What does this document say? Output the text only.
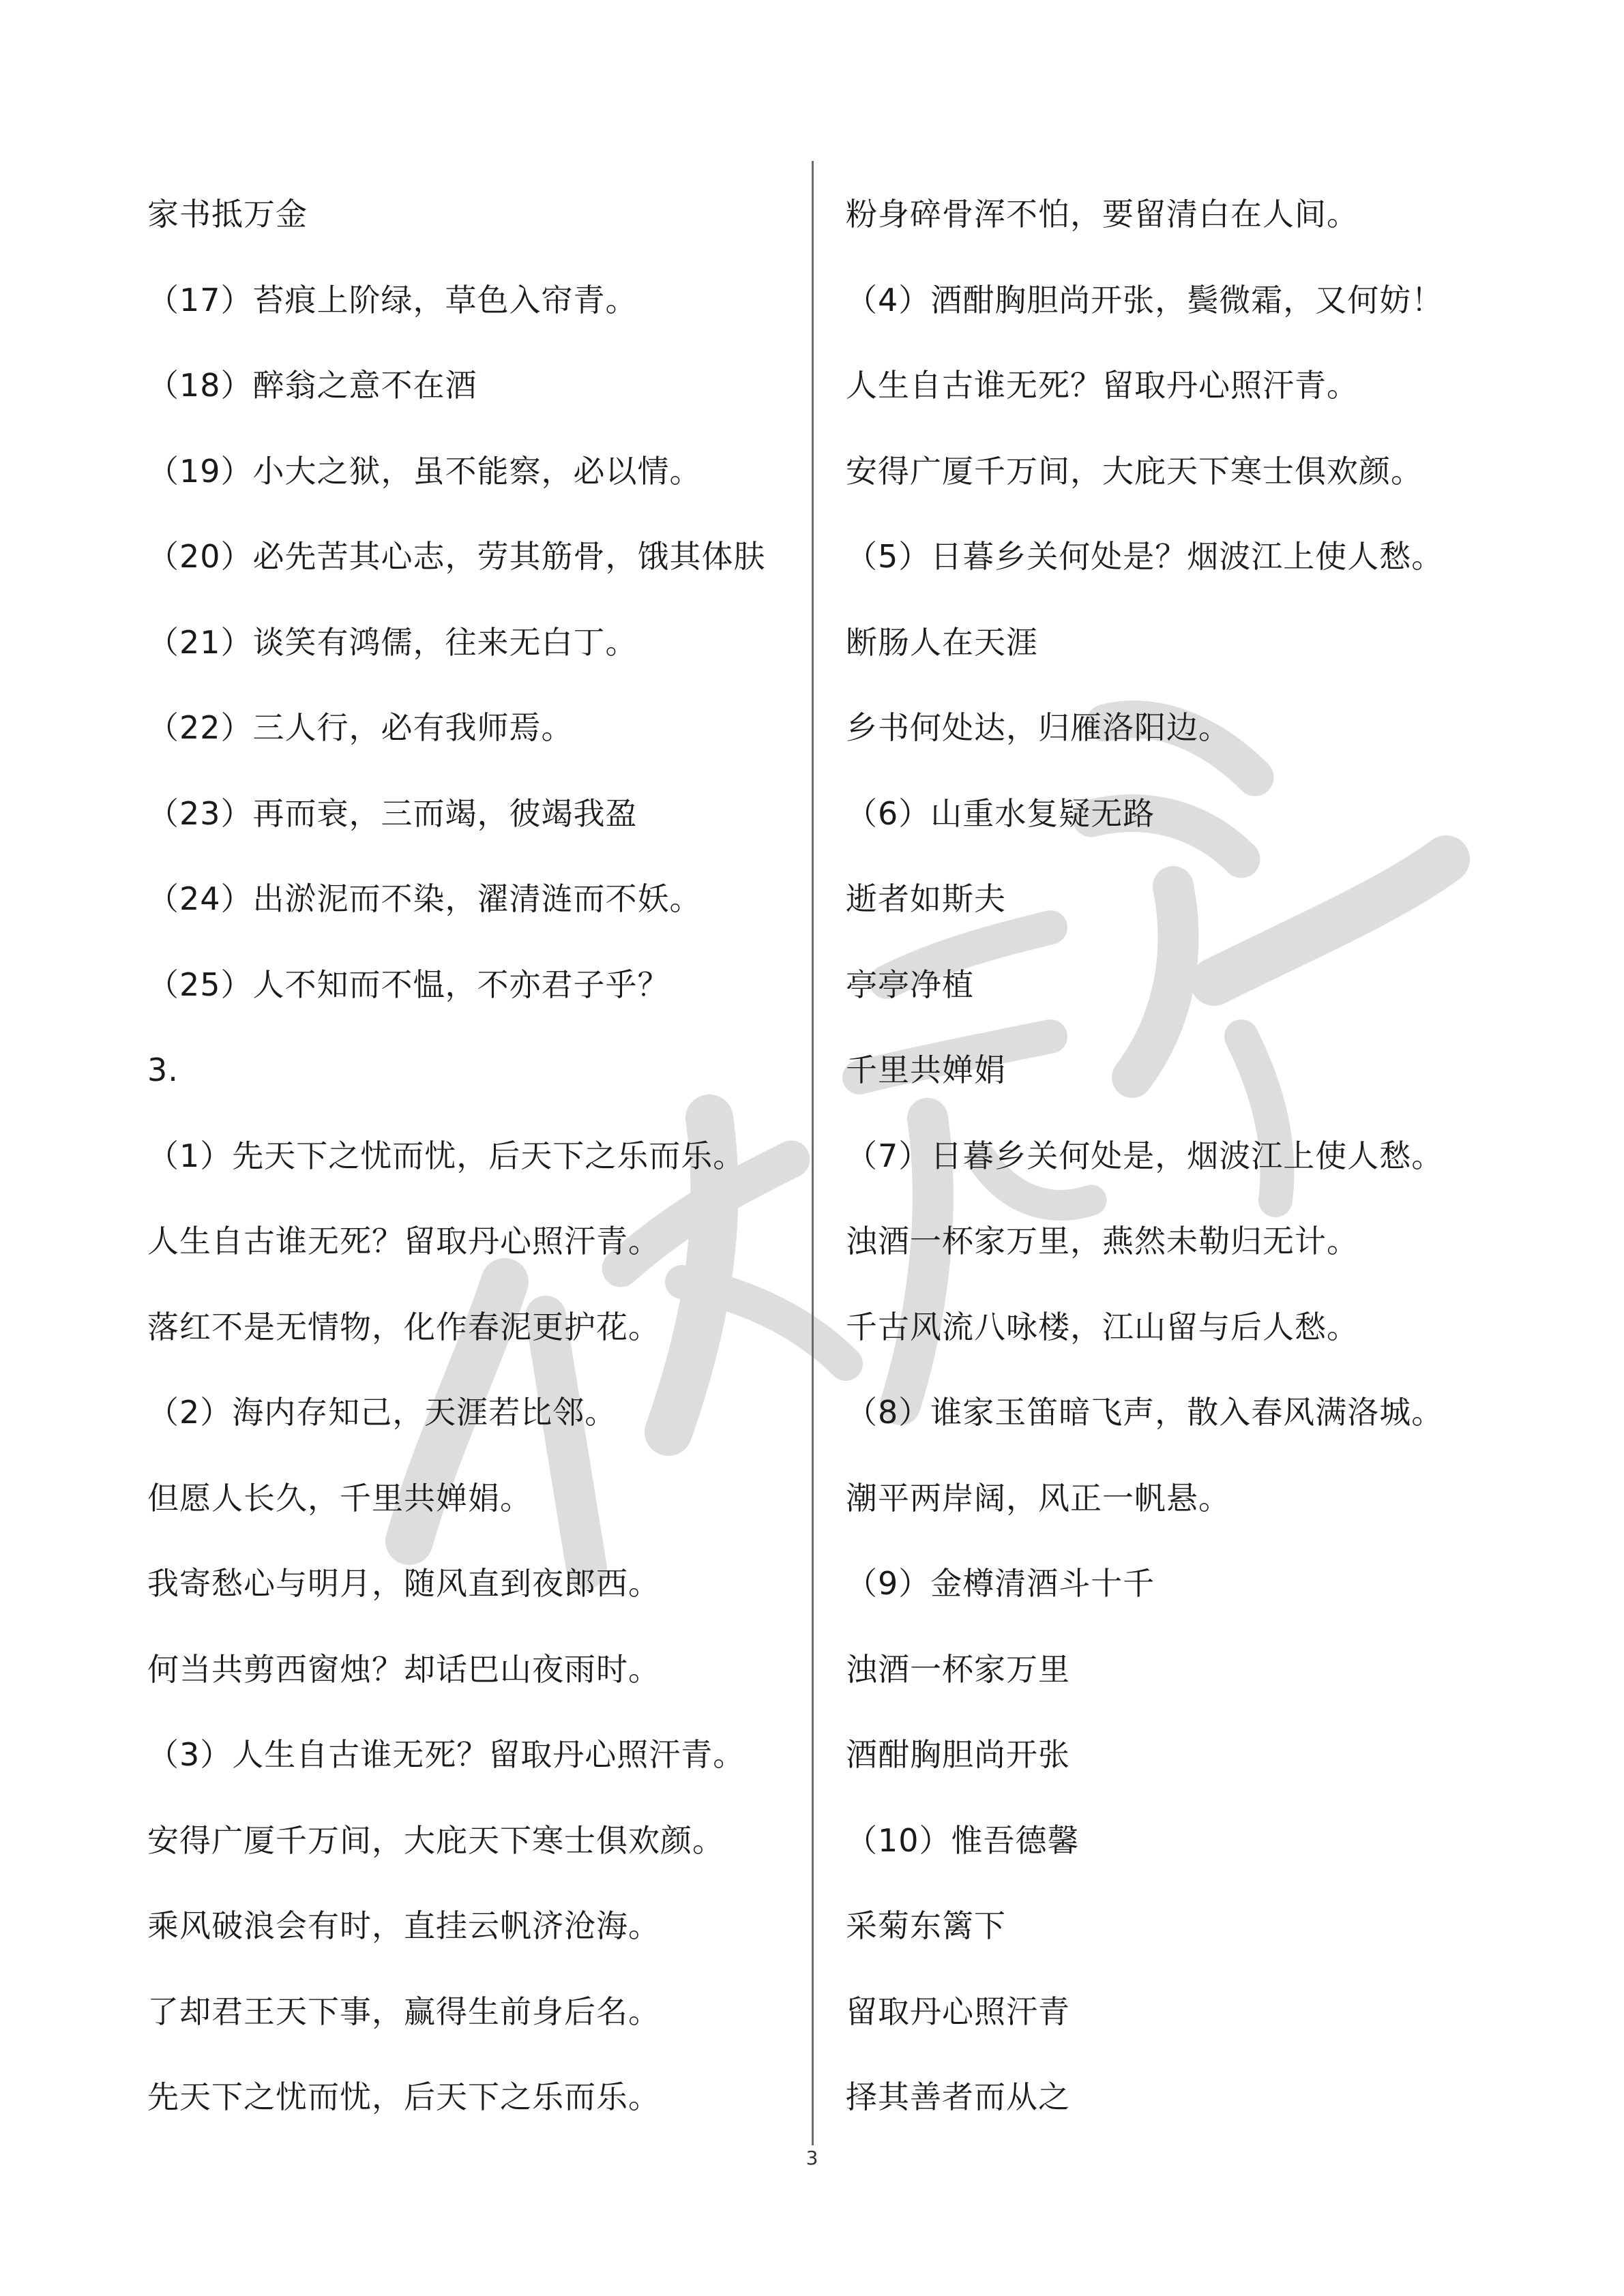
家书抵万金
（17）苔痕上阶绿，草色入帘青。
（18）醉翁之意不在酒
（19）小大之狱，虽不能察，必以情。
（20）必先苦其心志，劳其筋骨，饿其体肤
（21）谈笑有鸿儒，往来无白丁。
（22）三人行，必有我师焉。
（23）再而衰，三而竭，彼竭我盈
（24）出淤泥而不染，濯清涟而不妖。
（25）人不知而不愠，不亦君子乎？
3.
（1）先天下之忧而忧，后天下之乐而乐。
人生自古谁无死？留取丹心照汗青。
落红不是无情物，化作春泥更护花。
（2）海内存知己，天涯若比邻。
但愿人长久，千里共婵娟。
我寄愁心与明月，随风直到夜郎西。
何当共剪西窗烛？却话巴山夜雨时。
（3）人生自古谁无死？留取丹心照汗青。
安得广厦千万间，大庇天下寒士俱欢颜。
乘风破浪会有时，直挂云帆济沧海。
了却君王天下事，赢得生前身后名。
先天下之忧而忧，后天下之乐而乐。
粉身碎骨浑不怕，要留清白在人间。
（4）酒酣胸胆尚开张，鬓微霜，又何妨！
人生自古谁无死？留取丹心照汗青。
安得广厦千万间，大庇天下寒士俱欢颜。
（5）日暮乡关何处是？烟波江上使人愁。
断肠人在天涯
乡书何处达，归雁洛阳边。
（6）山重水复疑无路
逝者如斯夫
亭亭净植
千里共婵娟
（7）日暮乡关何处是，烟波江上使人愁。
浊酒一杯家万里，燕然未勒归无计。
千古风流八咏楼，江山留与后人愁。
（8）谁家玉笛暗飞声，散入春风满洛城。
潮平两岸阔，风正一帆悬。
（9）金樽清酒斗十千
浊酒一杯家万里
酒酣胸胆尚开张
（10）惟吾德馨
采菊东篱下
留取丹心照汗青
择其善者而从之
3
